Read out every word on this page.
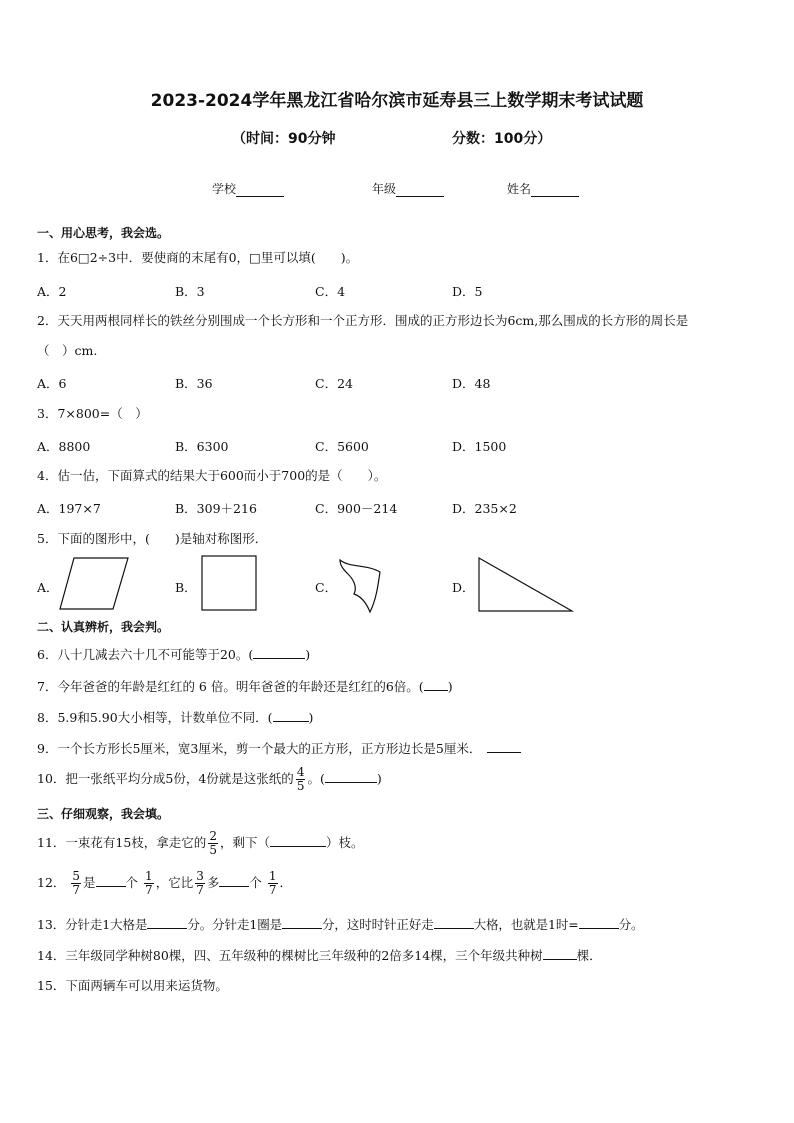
2023-2024学年黑龙江省哈尔滨市延寿县三上数学期末考试试题
（时间：90分钟	分数：100分）
学校	年级	姓名
一、用心思考，我会选。
1．在6□2÷3中．要使商的末尾有0，□里可以填(　　)。
A．2	B．3	C．4	D．5
2．天天用两根同样长的铁丝分别围成一个长方形和一个正方形．围成的正方形边长为6cm,那么围成的长方形的周长是
（　）cm.
A．6	B．36	C．24	D．48
3．7×800=（　）
A．8800	B．6300	C．5600	D．1500
4．估一估，下面算式的结果大于600而小于700的是（　　）。
A．197×7	B．309＋216	C．900－214	D．235×2
5．下面的图形中，(　　)是轴对称图形．
A．	B．	C．	D．
二、认真辨析，我会判。
6．八十几减去六十几不可能等于20。(	)
7．今年爸爸的年龄是红红的 6 倍。明年爸爸的年龄还是红红的6倍。( )
8．5.9和5.90大小相等，计数单位不同．(	)
9．一个长方形长5厘米，宽3厘米，剪一个最大的正方形，正方形边长是5厘米．
10．把一张纸平均分成5份，4份就是这张纸的 $\frac{4}{5}$ 。(	)
三、仔细观察，我会填。
11．一束花有15枝，拿走它的 $\frac{2}{5}$ ，剩下（	）枝。
12． $\frac{5}{7}$ 是 个 $\frac{1}{7}$ ，它比 $\frac{3}{7}$ 多 个 $\frac{1}{7}$ ．
13．分针走1大格是	分。分针走1圈是	分，这时时针正好走	大格，也就是1时=	分。
14．三年级同学种树80棵，四、五年级种的棵树比三年级种的2倍多14棵，三个年级共种树	棵．
15．下面两辆车可以用来运货物。
